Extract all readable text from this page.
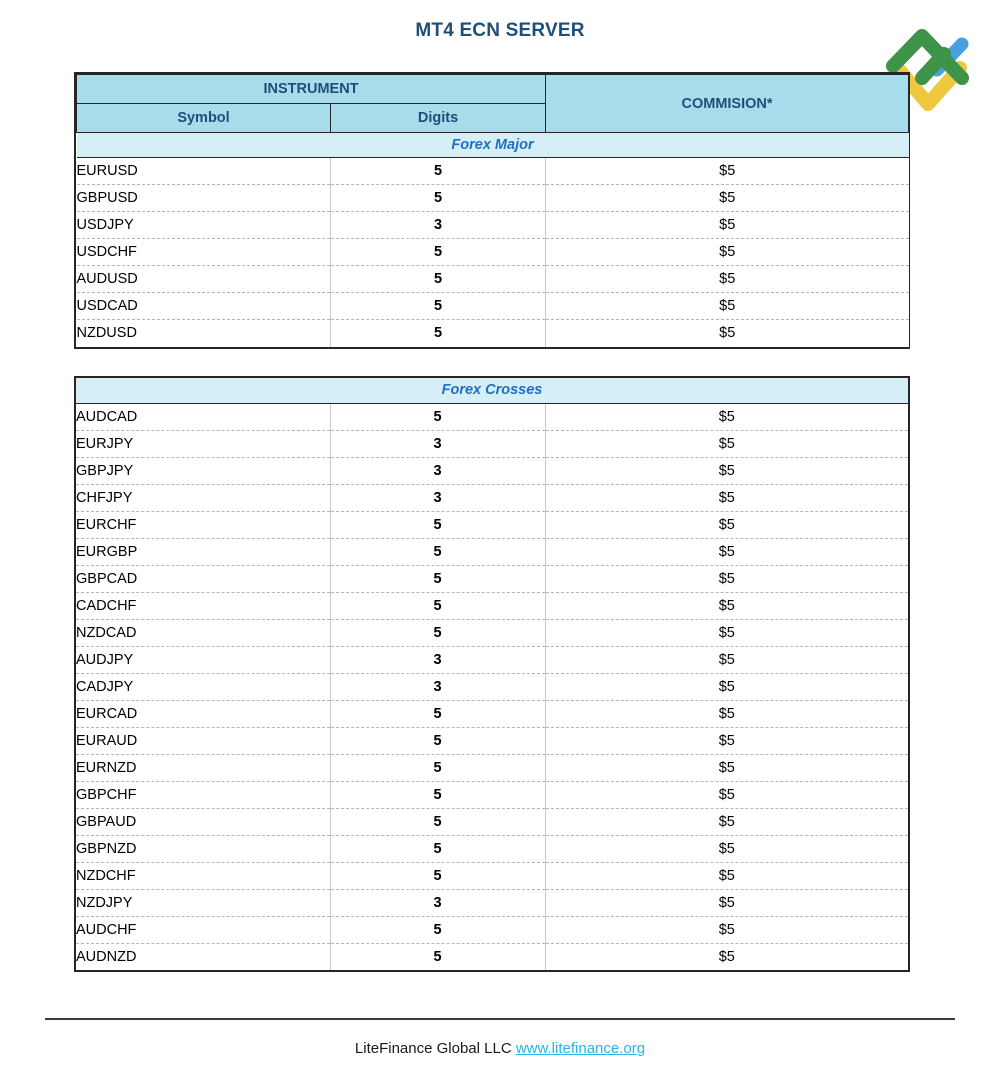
MT4 ECN SERVER
INSTRUMENT		COMMISION*
Symbol	Digits	
Forex Major		
EURUSD	5	$5
GBPUSD	5	$5
USDJPY	3	$5
USDCHF	5	$5
AUDUSD	5	$5
USDCAD	5	$5
NZDUSD	5	$5
Forex Crosses		
AUDCAD	5	$5
EURJPY	3	$5
GBPJPY	3	$5
CHFJPY	3	$5
EURCHF	5	$5
EURGBP	5	$5
GBPCAD	5	$5
CADCHF	5	$5
NZDCAD	5	$5
AUDJPY	3	$5
CADJPY	3	$5
EURCAD	5	$5
EURAUD	5	$5
EURNZD	5	$5
GBPCHF	5	$5
GBPAUD	5	$5
GBPNZD	5	$5
NZDCHF	5	$5
NZDJPY	3	$5
AUDCHF	5	$5
AUDNZD	5	$5
LiteFinance Global LLC www.litefinance.org
